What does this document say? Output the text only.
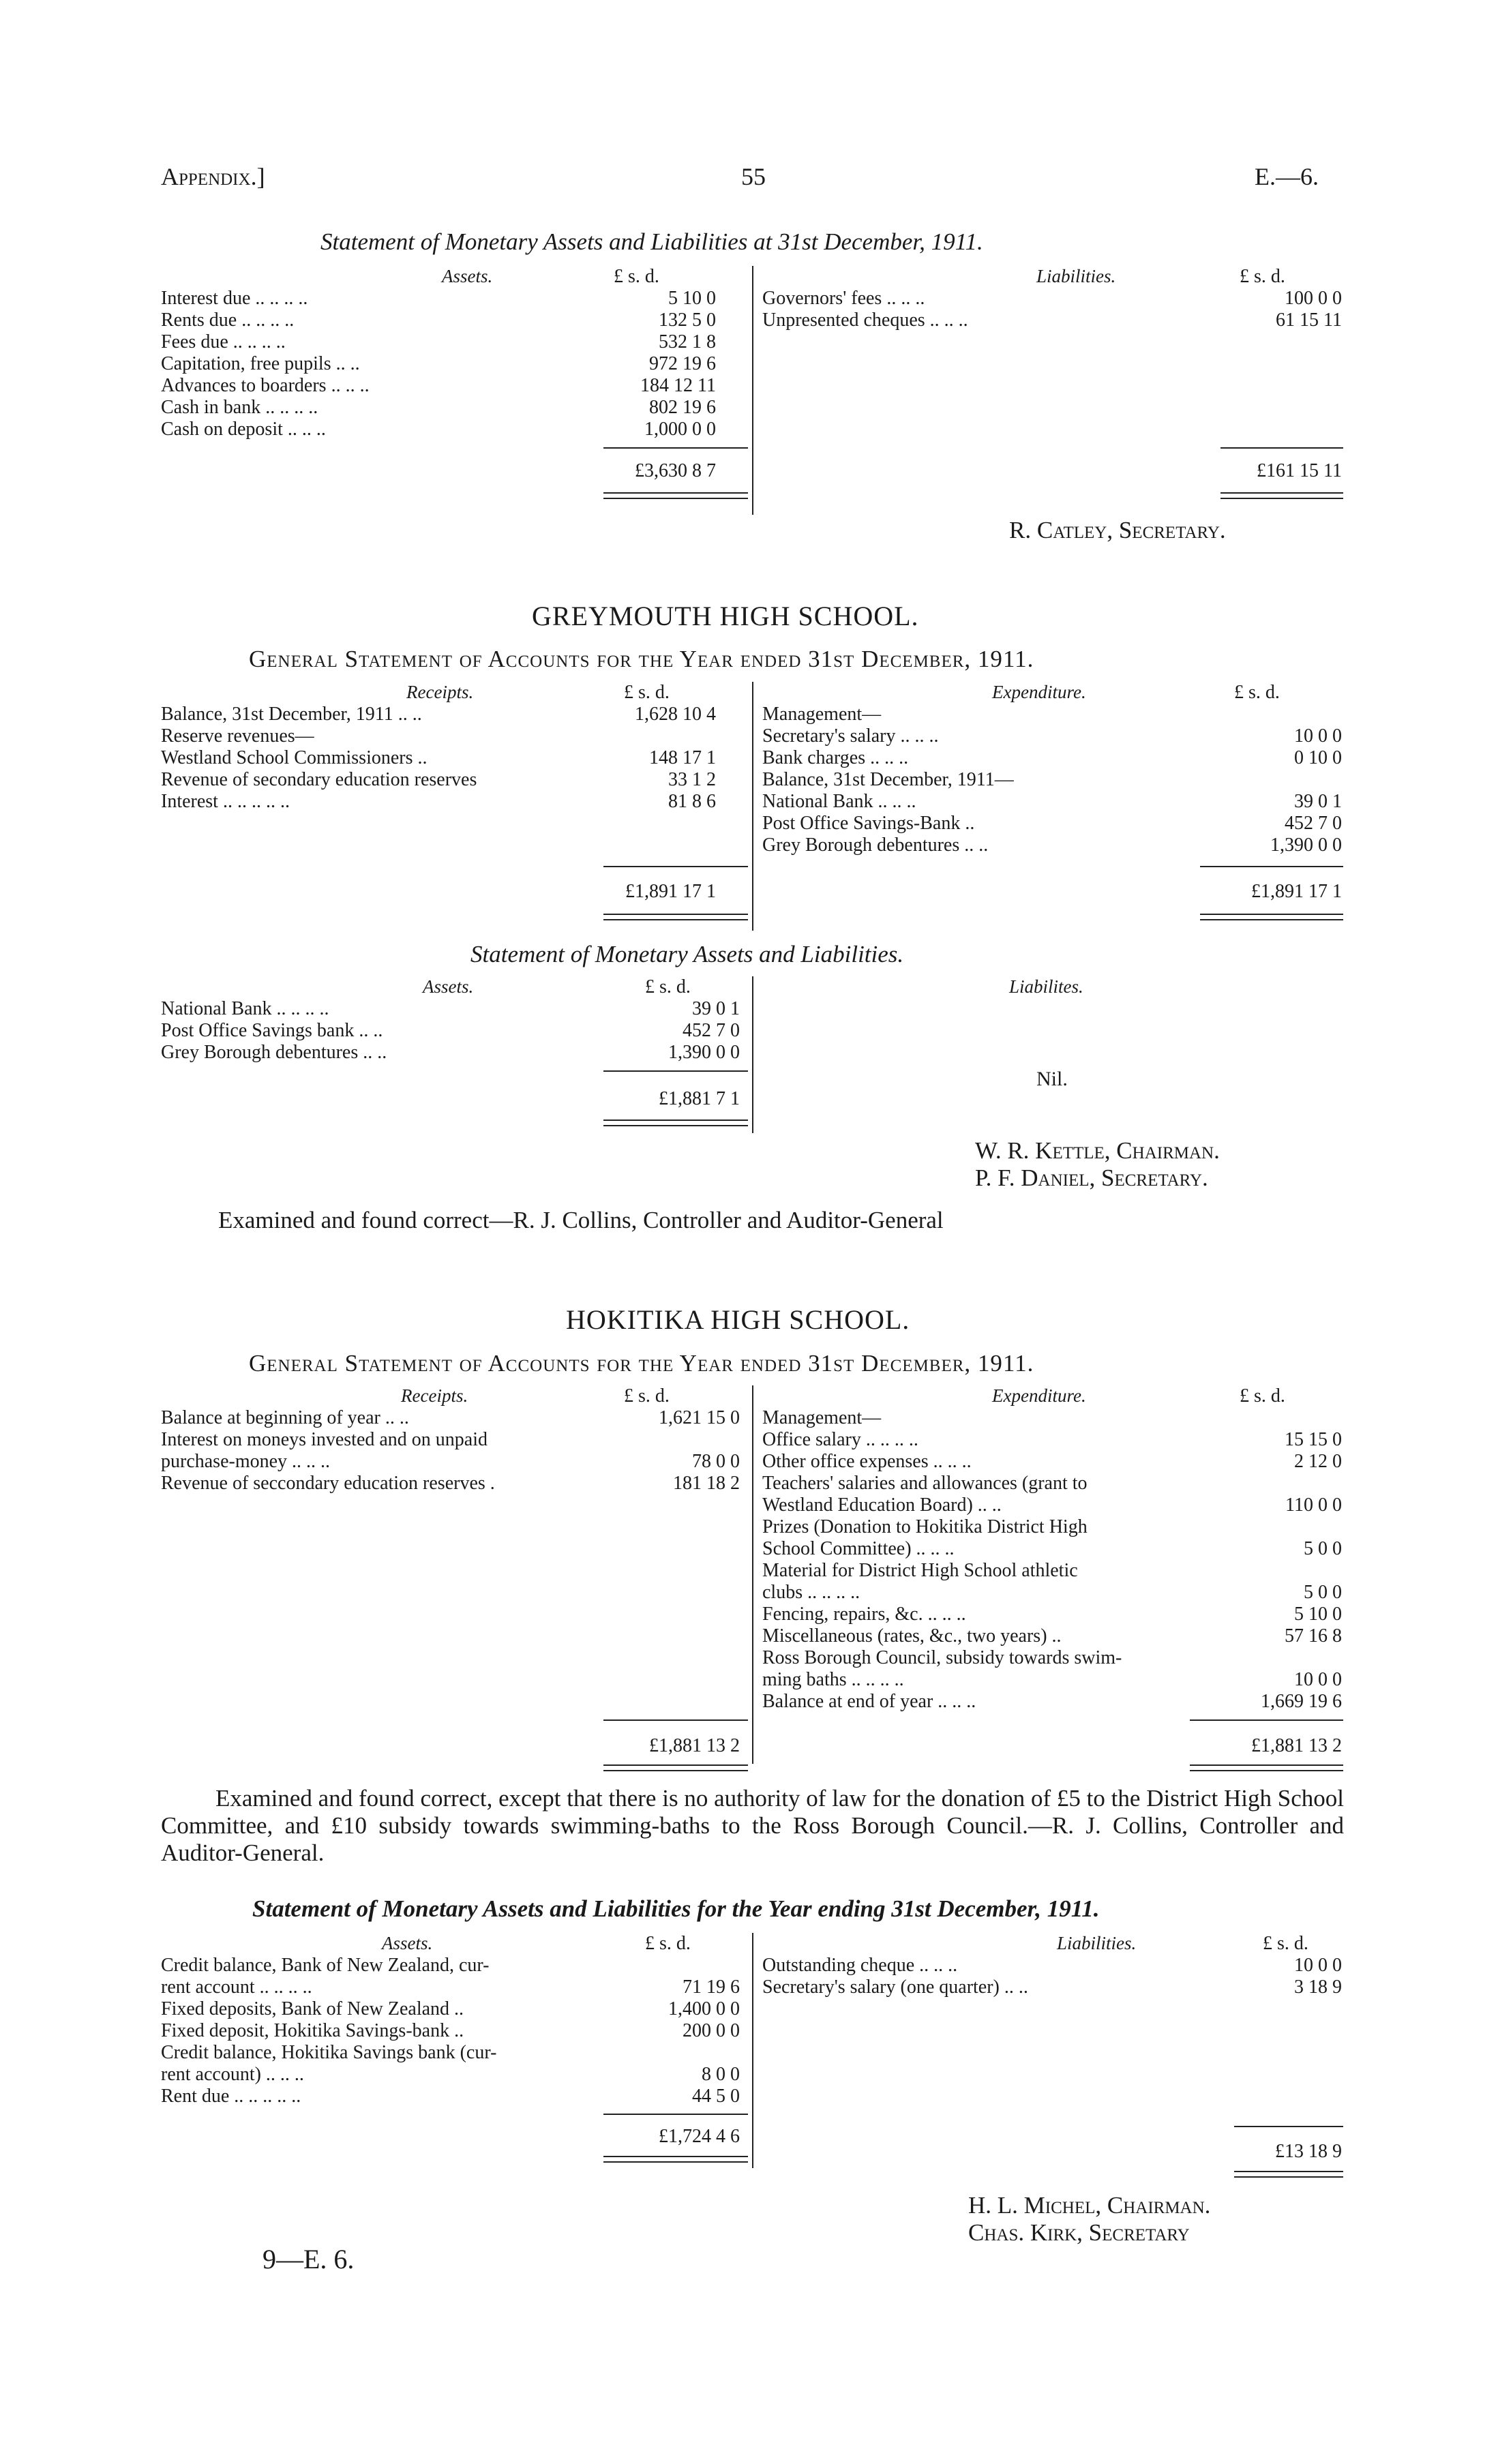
Appendix.]	55	E.—6.
Statement of Monetary Assets and Liabilities at 31st December, 1911.
Assets.	£ s. d.	Liabilities.	£ s. d.
Interest due .. .. .. ..	5 10 0
Rents due .. .. .. ..	132 5 0
Fees due .. .. .. ..	532 1 8
Capitation, free pupils .. ..	972 19 6
Advances to boarders .. .. ..	184 12 11
Cash in bank .. .. .. ..	802 19 6
Cash on deposit .. .. ..	1,000 0 0
£3,630 8 7
Governors' fees .. .. ..	100 0 0
Unpresented cheques .. .. ..	61 15 11
£161 15 11
R. Catley, Secretary.
GREYMOUTH HIGH SCHOOL.
General Statement of Accounts for the Year ended 31st December, 1911.
Receipts.	£ s. d.	Expenditure.	£ s. d.
Balance, 31st December, 1911 .. ..	1,628 10 4
Reserve revenues—
Westland School Commissioners ..	148 17 1
Revenue of secondary education reserves	33 1 2
Interest .. .. .. .. ..	81 8 6
Management—
Secretary's salary .. .. ..	10 0 0
Bank charges .. .. ..	0 10 0
Balance, 31st December, 1911—
National Bank .. .. ..	39 0 1
Post Office Savings-Bank ..	452 7 0
Grey Borough debentures .. ..	1,390 0 0
£1,891 17 1	£1,891 17 1
Statement of Monetary Assets and Liabilities.
Assets.	£ s. d.	Liabilites.
National Bank .. .. .. ..	39 0 1
Post Office Savings bank .. ..	452 7 0
Grey Borough debentures .. ..	1,390 0 0
£1,881 7 1
Nil.
W. R. Kettle, Chairman.
P. F. Daniel, Secretary.
Examined and found correct—R. J. Collins, Controller and Auditor-General
HOKITIKA HIGH SCHOOL.
General Statement of Accounts for the Year ended 31st December, 1911.
Receipts.	£ s. d.	Expenditure.	£ s. d.
Balance at beginning of year .. ..	1,621 15 0
Interest on moneys invested and on unpaid
purchase-money .. .. ..	78 0 0
Revenue of seccondary education reserves .	181 18 2
Management—
Office salary .. .. .. ..	15 15 0
Other office expenses .. .. ..	2 12 0
Teachers' salaries and allowances (grant to
Westland Education Board) .. ..	110 0 0
Prizes (Donation to Hokitika District High
School Committee) .. .. ..	5 0 0
Material for District High School athletic
clubs .. .. .. ..	5 0 0
Fencing, repairs, &c. .. .. ..	5 10 0
Miscellaneous (rates, &c., two years) ..	57 16 8
Ross Borough Council, subsidy towards swim-
ming baths .. .. .. ..	10 0 0
Balance at end of year .. .. ..	1,669 19 6
£1,881 13 2	£1,881 13 2
Examined and found correct, except that there is no authority of law for the donation of £5 to the District High School Committee, and £10 subsidy towards swimming-baths to the Ross Borough Council.—R. J. Collins, Controller and Auditor-General.
Statement of Monetary Assets and Liabilities for the Year ending 31st December, 1911.
Assets.	£ s. d.	Liabilities.	£ s. d.
Credit balance, Bank of New Zealand, cur-
rent account .. .. .. ..	71 19 6
Fixed deposits, Bank of New Zealand ..	1,400 0 0
Fixed deposit, Hokitika Savings-bank ..	200 0 0
Credit balance, Hokitika Savings bank (cur-
rent account) .. .. ..	8 0 0
Rent due .. .. .. .. ..	44 5 0
Outstanding cheque .. .. ..	10 0 0
Secretary's salary (one quarter) .. ..	3 18 9
£1,724 4 6
£13 18 9
H. L. Michel, Chairman.
Chas. Kirk, Secretary
9—E. 6.
